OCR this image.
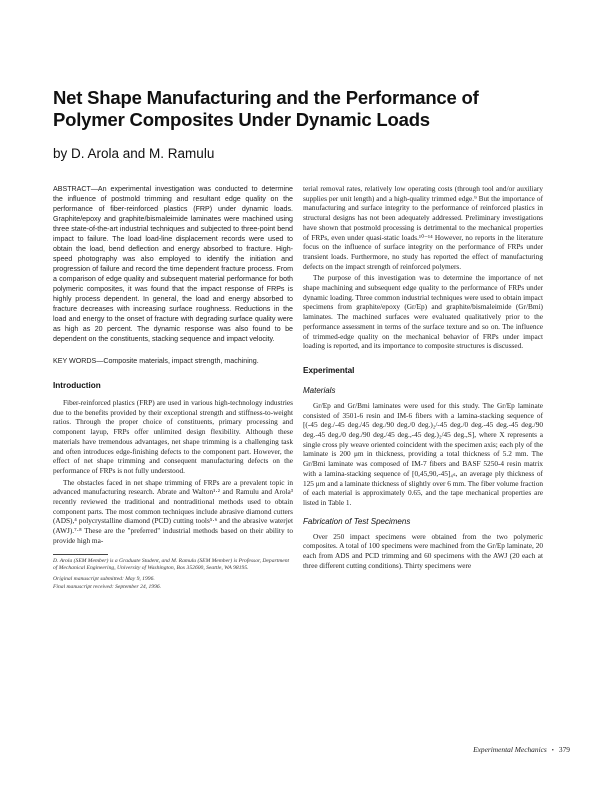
Net Shape Manufacturing and the Performance of Polymer Composites Under Dynamic Loads
by D. Arola and M. Ramulu

ABSTRACT—An experimental investigation was conducted to determine the influence of postmold trimming and resultant edge quality on the performance of fiber-reinforced plastics (FRP) under dynamic loads. Graphite/epoxy and graphite/bismaleimide laminates were machined using three state-of-the-art industrial techniques and subjected to three-point bend impact to failure. The load load-line displacement records were used to obtain the load, bend deflection and energy absorbed to fracture. High-speed photography was also employed to identify the initiation and progression of failure and record the time dependent fracture process. From a comparison of edge quality and subsequent material performance for both polymeric composites, it was found that the impact response of FRPs is highly process dependent. In general, the load and energy absorbed to fracture decreases with increasing surface roughness. Reductions in the load and energy to the onset of fracture with degrading surface quality were as high as 20 percent. The dynamic response was also found to be dependent on the constituents, stacking sequence and impact velocity.

KEY WORDS—Composite materials, impact strength, machining.

Introduction

Fiber-reinforced plastics (FRP) are used in various high-technology industries due to the benefits provided by their exceptional strength and stiffness-to-weight ratios. Through the proper choice of constituents, primary processing and component layup, FRPs offer unlimited design flexibility. Although these materials have tremendous advantages, net shape trimming is a challenging task and often introduces edge-finishing defects to the component part. However, the effect of net shape trimming and consequent manufacturing defects on the performance of FRPs is not fully understood.

The obstacles faced in net shape trimming of FRPs are a prevalent topic in advanced manufacturing research. Abrate and Walton¹·² and Ramulu and Arola³ recently reviewed the traditional and nontraditional methods used to obtain component parts. The most common techniques include abrasive diamond cutters (ADS),⁴ polycrystalline diamond (PCD) cutting tools⁵·⁶ and the abrasive waterjet (AWJ).⁷·⁸ These are the "preferred" industrial methods based on their ability to provide high ma-

D. Arola (SEM Member) is a Graduate Student, and M. Ramulu (SEM Member) is Professor, Department of Mechanical Engineering, University of Washington, Box 352600, Seattle, WA 98195.

Original manuscript submitted: May 9, 1996.

Final manuscript received: September 24, 1996.

terial removal rates, relatively low operating costs (through tool and/or auxiliary supplies per unit length) and a high-quality trimmed edge.⁹ But the importance of manufacturing and surface integrity to the performance of reinforced plastics in structural designs has not been adequately addressed. Preliminary investigations have shown that postmold processing is detrimental to the mechanical properties of FRPs, even under quasi-static loads.¹⁰⁻¹⁴ However, no reports in the literature focus on the influence of surface integrity on the performance of FRPs under transient loads. Furthermore, no study has reported the effect of manufacturing defects on the impact strength of reinforced polymers.

The purpose of this investigation was to determine the importance of net shape machining and subsequent edge quality to the performance of FRPs under dynamic loading. Three common industrial techniques were used to obtain impact specimens from graphite/epoxy (Gr/Ep) and graphite/bismaleimide (Gr/Bmi) laminates. The machined surfaces were evaluated qualitatively prior to the performance assessment in terms of the surface texture and so on. The influence of trimmed-edge quality on the mechanical behavior of FRPs under impact loading is reported, and its importance to composite structures is discussed.

Experimental
Materials

Gr/Ep and Gr/Bmi laminates were used for this study. The Gr/Ep laminate consisted of 3501-6 resin and IM-6 fibers with a lamina-stacking sequence of [(-45 deg./-45 deg./45 deg./90 deg./0 deg.)₂/-45 deg./0 deg.-45 deg.-45 deg./90 deg.-45 deg./0 deg./90 deg./45 deg.,-45 deg.)₂/45 deg.,S], where X represents a single cross ply weave oriented coincident with the specimen axis; each ply of the laminate is 200 μm in thickness, providing a total thickness of 5.2 mm. The Gr/Bmi laminate was composed of IM-7 fibers and BASF 5250-4 resin matrix with a lamina-stacking sequence of [0,45,90,-45]₄ₛ, an average ply thickness of 125 μm and a laminate thickness of slightly over 6 mm. The fiber volume fraction of each material is approximately 0.65, and the tape mechanical properties are listed in Table 1.

Fabrication of Test Specimens

Over 250 impact specimens were obtained from the two polymeric composites. A total of 100 specimens were machined from the Gr/Ep laminate, 20 each from ADS and PCD trimming and 60 specimens with the AWJ (20 each at three different cutting conditions). Thirty specimens were

Experimental Mechanics • 379
